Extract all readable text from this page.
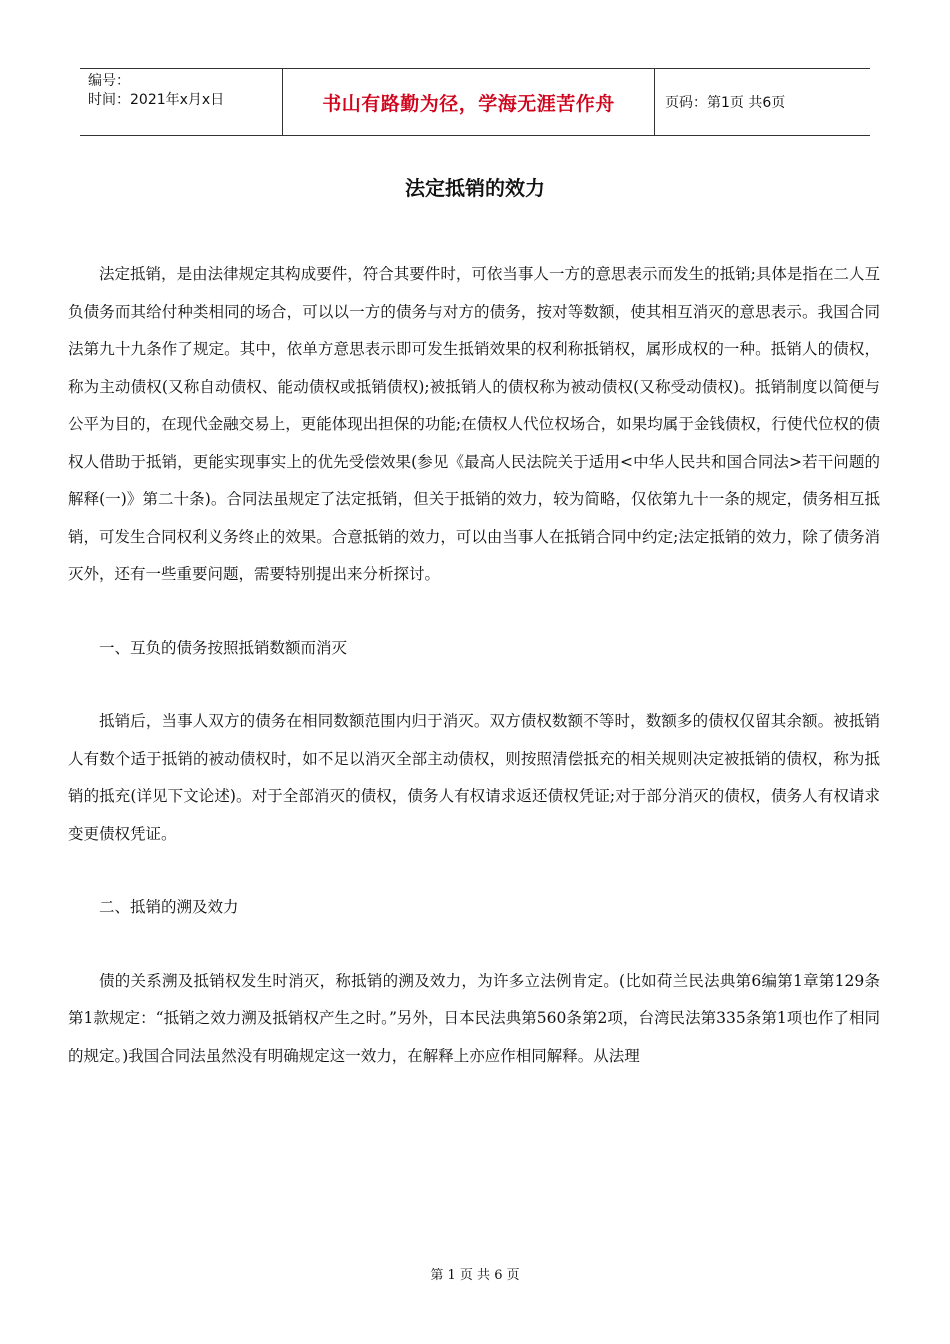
编号：
时间：2021年x月x日	书山有路勤为径，学海无涯苦作舟	页码：第1页 共6页
法定抵销的效力

法定抵销，是由法律规定其构成要件，符合其要件时，可依当事人一方的意思表示而发生的抵销;具体是指在二人互负债务而其给付种类相同的场合，可以以一方的债务与对方的债务，按对等数额，使其相互消灭的意思表示。我国合同法第九十九条作了规定。其中，依单方意思表示即可发生抵销效果的权利称抵销权，属形成权的一种。抵销人的债权，称为主动债权(又称自动债权、能动债权或抵销债权);被抵销人的债权称为被动债权(又称受动债权)。抵销制度以简便与公平为目的，在现代金融交易上，更能体现出担保的功能;在债权人代位权场合，如果均属于金钱债权，行使代位权的债权人借助于抵销，更能实现事实上的优先受偿效果(参见《最高人民法院关于适用<中华人民共和国合同法>若干问题的解释(一)》第二十条)。合同法虽规定了法定抵销，但关于抵销的效力，较为简略，仅依第九十一条的规定，债务相互抵销，可发生合同权利义务终止的效果。合意抵销的效力，可以由当事人在抵销合同中约定;法定抵销的效力，除了债务消灭外，还有一些重要问题，需要特别提出来分析探讨。

一、互负的债务按照抵销数额而消灭

抵销后，当事人双方的债务在相同数额范围内归于消灭。双方债权数额不等时，数额多的债权仅留其余额。被抵销人有数个适于抵销的被动债权时，如不足以消灭全部主动债权，则按照清偿抵充的相关规则决定被抵销的债权，称为抵销的抵充(详见下文论述)。对于全部消灭的债权，债务人有权请求返还债权凭证;对于部分消灭的债权，债务人有权请求变更债权凭证。

二、抵销的溯及效力

债的关系溯及抵销权发生时消灭，称抵销的溯及效力，为许多立法例肯定。(比如荷兰民法典第6编第1章第129条第1款规定：“抵销之效力溯及抵销权产生之时。”另外，日本民法典第560条第2项，台湾民法第335条第1项也作了相同的规定。)我国合同法虽然没有明确规定这一效力，在解释上亦应作相同解释。从法理

第 1 页 共 6 页
